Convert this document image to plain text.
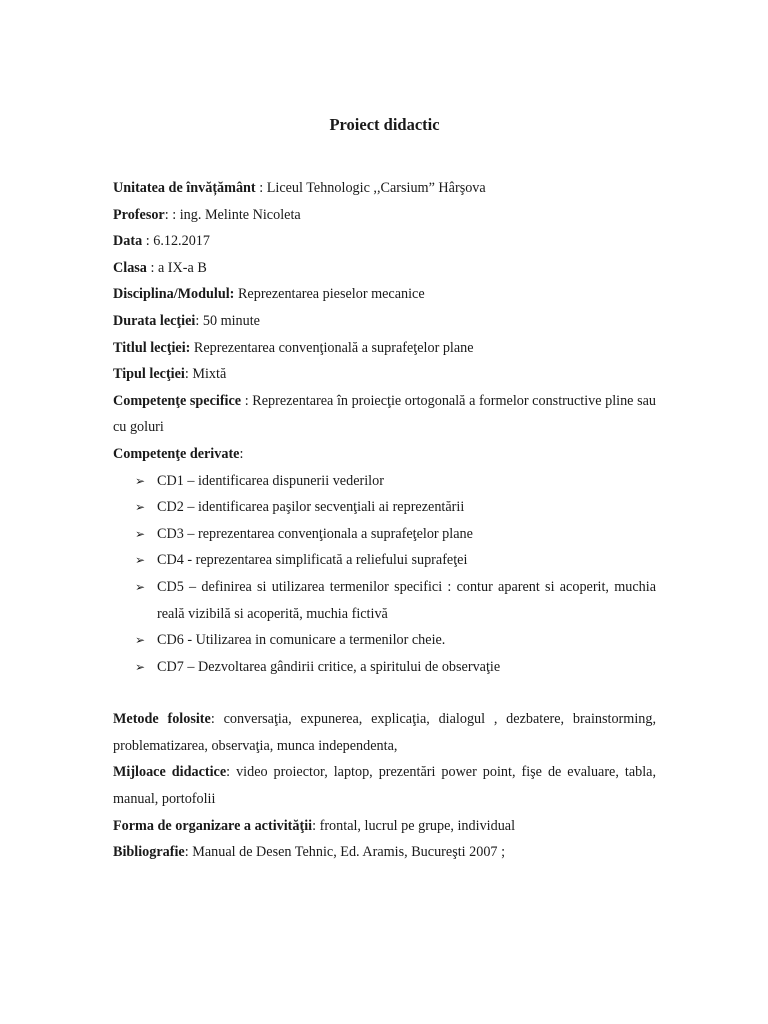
Proiect didactic

Unitatea de învățământ : Liceul Tehnologic ,,Carsium” Hârşova

Profesor: : ing. Melinte Nicoleta

Data : 6.12.2017

Clasa : a IX-a B

Disciplina/Modulul: Reprezentarea pieselor mecanice

Durata lecţiei: 50 minute

Titlul lecţiei: Reprezentarea convenţională a suprafeţelor plane

Tipul lecţiei: Mixtă

Competenţe specifice : Reprezentarea în proiecţie ortogonală a formelor constructive pline sau cu goluri

Competenţe derivate:

➢ CD1 – identificarea dispunerii vederilor
➢ CD2 – identificarea paşilor secvenţiali ai reprezentării
➢ CD3 – reprezentarea convenţionala a suprafeţelor plane
➢ CD4 - reprezentarea simplificată a reliefului suprafeţei
➢ CD5 – definirea si utilizarea termenilor specifici : contur aparent si acoperit, muchia reală vizibilă si acoperită, muchia fictivă
➢ CD6 - Utilizarea in comunicare a termenilor cheie.
➢ CD7 – Dezvoltarea gândirii critice, a spiritului de observaţie

Metode folosite: conversaţia, expunerea, explicaţia, dialogul , dezbatere, brainstorming, problematizarea, observaţia, munca independenta,

Mijloace didactice: video proiector, laptop, prezentări power point, fişe de evaluare, tabla, manual, portofolii

Forma de organizare a activităţii: frontal, lucrul pe grupe, individual

Bibliografie: Manual de Desen Tehnic, Ed. Aramis, Bucureşti 2007 ;
